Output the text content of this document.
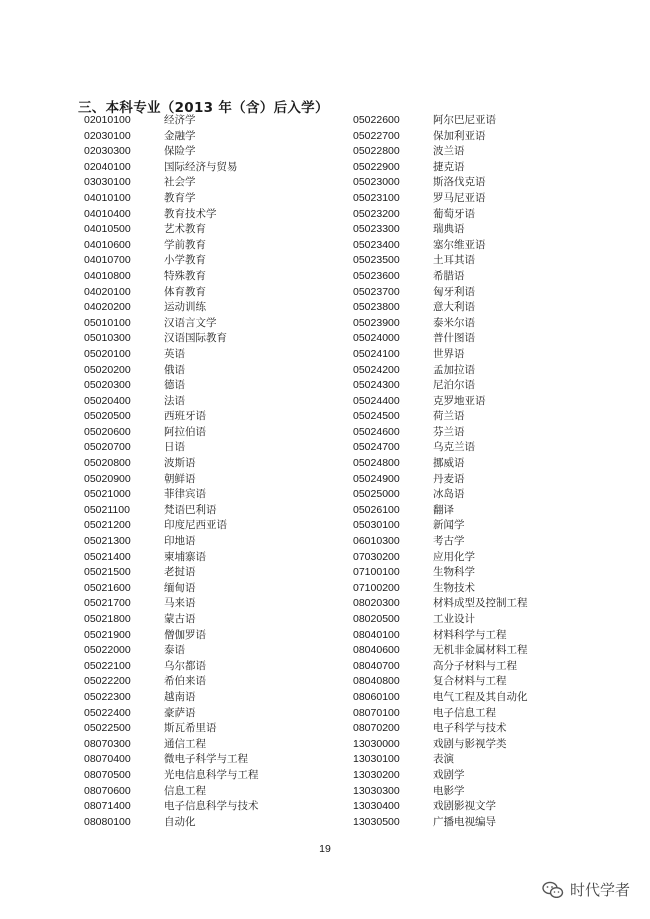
三、本科专业（2013 年（含）后入学）
02010100	经济学
02030100	金融学
02030300	保险学
02040100	国际经济与贸易
03030100	社会学
04010100	教育学
04010400	教育技术学
04010500	艺术教育
04010600	学前教育
04010700	小学教育
04010800	特殊教育
04020100	体育教育
04020200	运动训练
05010100	汉语言文学
05010300	汉语国际教育
05020100	英语
05020200	俄语
05020300	德语
05020400	法语
05020500	西班牙语
05020600	阿拉伯语
05020700	日语
05020800	波斯语
05020900	朝鲜语
05021000	菲律宾语
05021100	梵语巴利语
05021200	印度尼西亚语
05021300	印地语
05021400	柬埔寨语
05021500	老挝语
05021600	缅甸语
05021700	马来语
05021800	蒙古语
05021900	僧伽罗语
05022000	泰语
05022100	乌尔都语
05022200	希伯来语
05022300	越南语
05022400	豪萨语
05022500	斯瓦希里语
08070300	通信工程
08070400	微电子科学与工程
08070500	光电信息科学与工程
08070600	信息工程
08071400	电子信息科学与技术
08080100	自动化
05022600	阿尔巴尼亚语
05022700	保加利亚语
05022800	波兰语
05022900	捷克语
05023000	斯洛伐克语
05023100	罗马尼亚语
05023200	葡萄牙语
05023300	瑞典语
05023400	塞尔维亚语
05023500	土耳其语
05023600	希腊语
05023700	匈牙利语
05023800	意大利语
05023900	泰米尔语
05024000	普什图语
05024100	世界语
05024200	孟加拉语
05024300	尼泊尔语
05024400	克罗地亚语
05024500	荷兰语
05024600	芬兰语
05024700	乌克兰语
05024800	挪威语
05024900	丹麦语
05025000	冰岛语
05026100	翻译
05030100	新闻学
06010300	考古学
07030200	应用化学
07100100	生物科学
07100200	生物技术
08020300	材料成型及控制工程
08020500	工业设计
08040100	材料科学与工程
08040600	无机非金属材料工程
08040700	高分子材料与工程
08040800	复合材料与工程
08060100	电气工程及其自动化
08070100	电子信息工程
08070200	电子科学与技术
13030000	戏剧与影视学类
13030100	表演
13030200	戏剧学
13030300	电影学
13030400	戏剧影视文学
13030500	广播电视编导
19
时代学者
